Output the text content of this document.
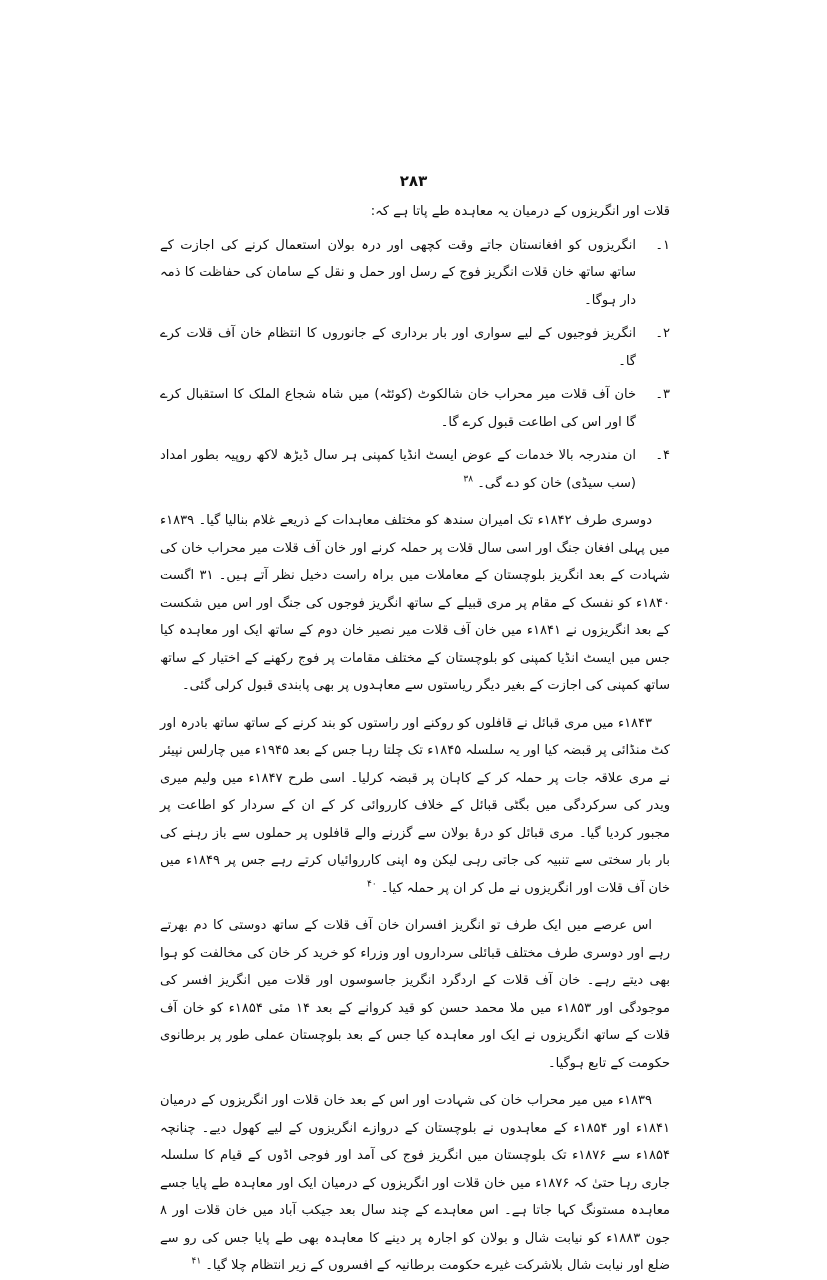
۲۸۳

قلات اور انگریزوں کے درمیان یہ معاہدہ طے پاتا ہے کہ:

۱۔

انگریزوں کو افغانستان جاتے وقت کچھی اور درہ بولان استعمال کرنے کی اجازت کے ساتھ ساتھ خان قلات انگریز فوج کے رسل اور حمل و نقل کے سامان کی حفاظت کا ذمہ دار ہوگا۔

۲۔

انگریز فوجیوں کے لیے سواری اور بار برداری کے جانوروں کا انتظام خان آف قلات کرے گا۔

۳۔

خان آف قلات میر محراب خان شالکوٹ (کوئٹہ) میں شاہ شجاع الملک کا استقبال کرے گا اور اس کی اطاعت قبول کرے گا۔

۴۔

ان مندرجہ بالا خدمات کے عوض ایسٹ انڈیا کمپنی ہر سال ڈیڑھ لاکھ روپیہ بطور امداد (سب سیڈی) خان کو دے گی۔ $^{۳۸}$

دوسری طرف ۱۸۴۲ء تک امیران سندھ کو مختلف معاہدات کے ذریعے غلام بنالیا گیا۔ ۱۸۳۹ء میں پہلی افغان جنگ اور اسی سال قلات پر حملہ کرنے اور خان آف قلات میر محراب خان کی شہادت کے بعد انگریز بلوچستان کے معاملات میں براہ راست دخیل نظر آتے ہیں۔ ۳۱ اگست ۱۸۴۰ء کو نفسک کے مقام پر مری قبیلے کے ساتھ انگریز فوجوں کی جنگ اور اس میں شکست کے بعد انگریزوں نے ۱۸۴۱ء میں خان آف قلات میر نصیر خان دوم کے ساتھ ایک اور معاہدہ کیا جس میں ایسٹ انڈیا کمپنی کو بلوچستان کے مختلف مقامات پر فوج رکھنے کے اختیار کے ساتھ ساتھ کمپنی کی اجازت کے بغیر دیگر ریاستوں سے معاہدوں پر بھی پابندی قبول کرلی گئی۔

۱۸۴۳ء میں مری قبائل نے قافلوں کو روکنے اور راستوں کو بند کرنے کے ساتھ ساتھ بادرہ اور کٹ منڈائی پر قبضہ کیا اور یہ سلسلہ ۱۸۴۵ء تک چلتا رہا جس کے بعد ۱۹۴۵ء میں چارلس نپیئر نے مری علاقہ جات پر حملہ کر کے کاہان پر قبضہ کرلیا۔ اسی طرح ۱۸۴۷ء میں ولیم میری ویدر کی سرکردگی میں بگٹی قبائل کے خلاف کارروائی کر کے ان کے سردار کو اطاعت پر مجبور کردیا گیا۔ مری قبائل کو درۂ بولان سے گزرنے والے قافلوں پر حملوں سے باز رہنے کی بار بار سختی سے تنبیہ کی جاتی رہی لیکن وہ اپنی کارروائیاں کرتے رہے جس پر ۱۸۴۹ء میں خان آف قلات اور انگریزوں نے مل کر ان پر حملہ کیا۔ $^{۴۰}$

اس عرصے میں ایک طرف تو انگریز افسران خان آف قلات کے ساتھ دوستی کا دم بھرتے رہے اور دوسری طرف مختلف قبائلی سرداروں اور وزراء کو خرید کر خان کی مخالفت کو ہوا بھی دیتے رہے۔ خان آف قلات کے اردگرد انگریز جاسوسوں اور قلات میں انگریز افسر کی موجودگی اور ۱۸۵۳ء میں ملا محمد حسن کو قید کروانے کے بعد ۱۴ مئی ۱۸۵۴ء کو خان آف قلات کے ساتھ انگریزوں نے ایک اور معاہدہ کیا جس کے بعد بلوچستان عملی طور پر برطانوی حکومت کے تابع ہوگیا۔

۱۸۳۹ء میں میر محراب خان کی شہادت اور اس کے بعد خان قلات اور انگریزوں کے درمیان ۱۸۴۱ء اور ۱۸۵۴ء کے معاہدوں نے بلوچستان کے دروازے انگریزوں کے لیے کھول دیے۔ چنانچہ ۱۸۵۴ء سے ۱۸۷۶ء تک بلوچستان میں انگریز فوج کی آمد اور فوجی اڈوں کے قیام کا سلسلہ جاری رہا حتیٰ کہ ۱۸۷۶ء میں خان قلات اور انگریزوں کے درمیان ایک اور معاہدہ طے پایا جسے معاہدہ مستونگ کہا جاتا ہے۔ اس معاہدے کے چند سال بعد جیکب آباد میں خان قلات اور ۸ جون ۱۸۸۳ء کو نیابت شال و بولان کو اجارہ پر دینے کا معاہدہ بھی طے پایا جس کی رو سے ضلع اور نیابت شال بلاشرکت غیرے حکومت برطانیہ کے افسروں کے زیر انتظام چلا گیا۔ $^{۴۱}$
